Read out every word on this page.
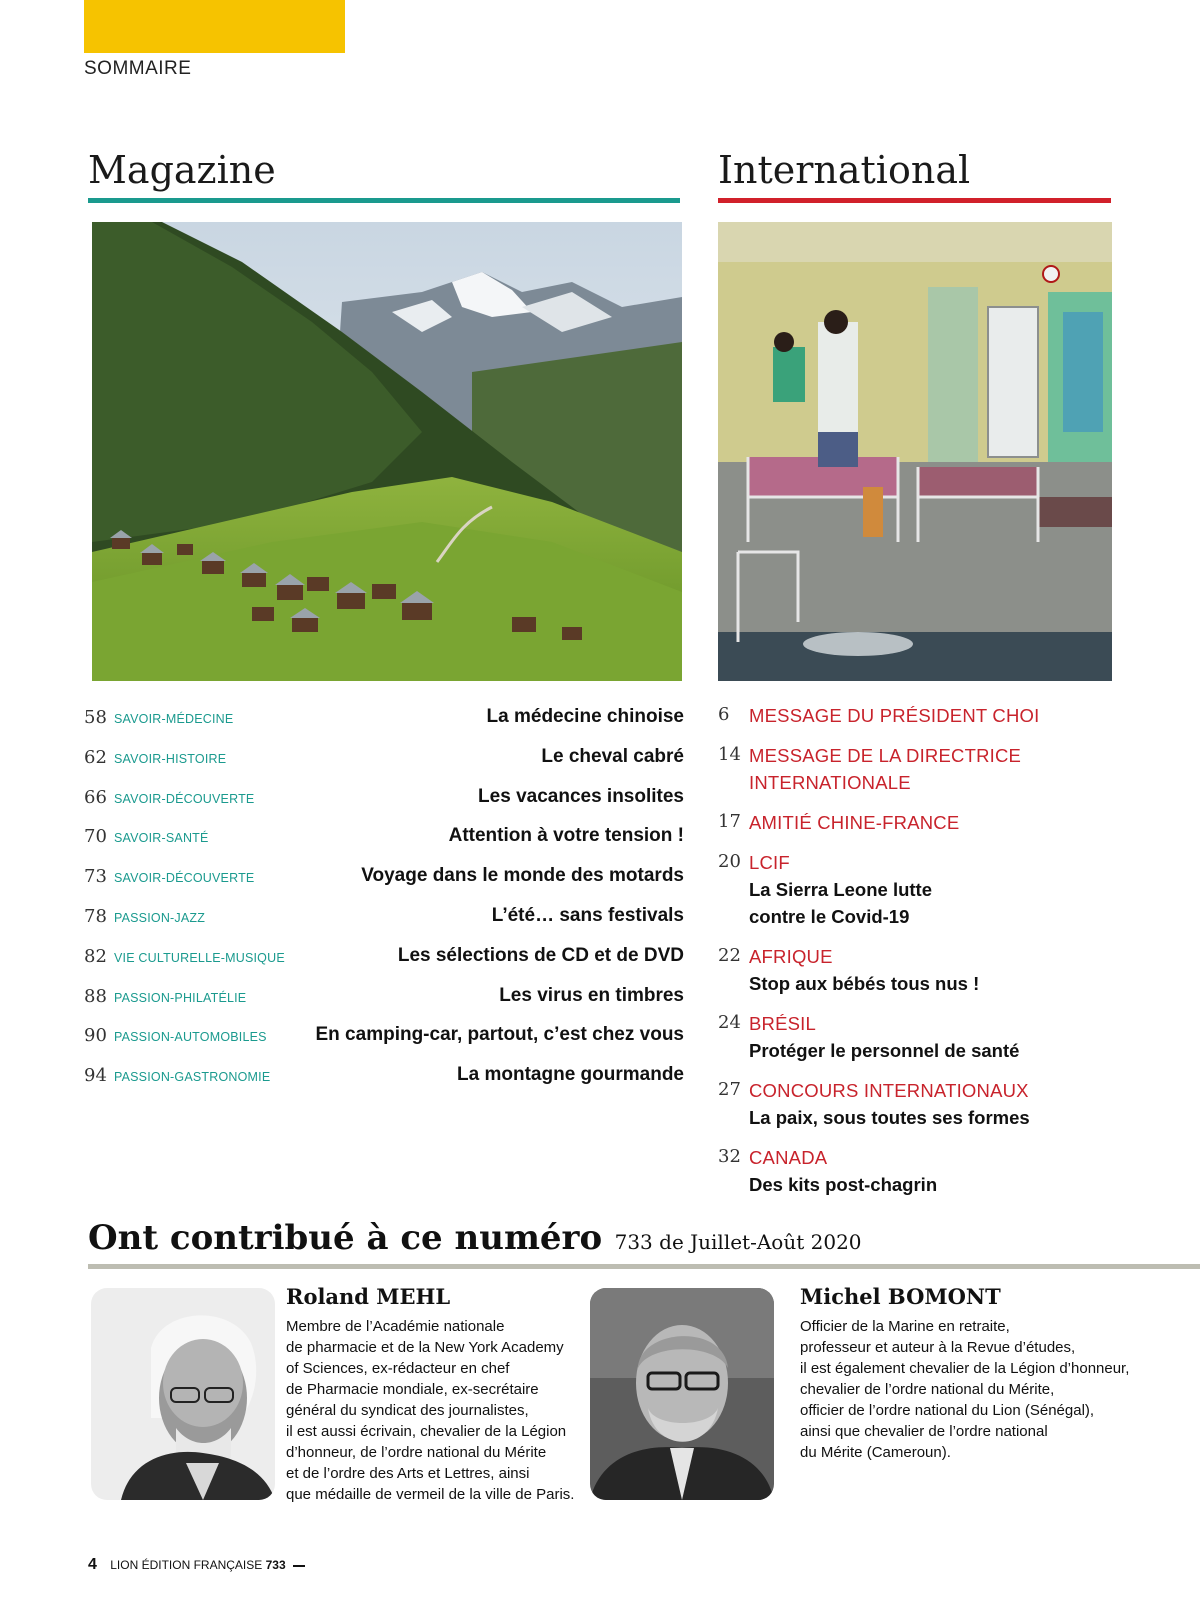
SOMMAIRE
Magazine	International
58 SAVOIR-MÉDECINE	La médecine chinoise
62 SAVOIR-HISTOIRE	Le cheval cabré
66 SAVOIR-DÉCOUVERTE	Les vacances insolites
70 SAVOIR-SANTÉ	Attention à votre tension !
73 SAVOIR-DÉCOUVERTE	Voyage dans le monde des motards
78 PASSION-JAZZ	L’été… sans festivals
82 VIE CULTURELLE-MUSIQUE	Les sélections de CD et de DVD
88 PASSION-PHILATÉLIE	Les virus en timbres
90 PASSION-AUTOMOBILES	En camping-car, partout, c’est chez vous
94 PASSION-GASTRONOMIE	La montagne gourmande
6 MESSAGE DU PRÉSIDENT CHOI
14 MESSAGE DE LA DIRECTRICE
INTERNATIONALE
17 AMITIÉ CHINE-FRANCE
20 LCIF
La Sierra Leone lutte
contre le Covid-19
22 AFRIQUE
Stop aux bébés tous nus !
24 BRÉSIL
Protéger le personnel de santé
27 CONCOURS INTERNATIONAUX
La paix, sous toutes ses formes
32 CANADA
Des kits post-chagrin
Ont contribué à ce numéro 733 de Juillet-Août 2020
Roland MEHL
Membre de l’Académie nationale
de pharmacie et de la New York Academy
of Sciences, ex-rédacteur en chef
de Pharmacie mondiale, ex-secrétaire
général du syndicat des journalistes,
il est aussi écrivain, chevalier de la Légion
d’honneur, de l’ordre national du Mérite
et de l’ordre des Arts et Lettres, ainsi
que médaille de vermeil de la ville de Paris.
Michel BOMONT
Officier de la Marine en retraite,
professeur et auteur à la Revue d’études,
il est également chevalier de la Légion d’honneur,
chevalier de l’ordre national du Mérite,
officier de l’ordre national du Lion (Sénégal),
ainsi que chevalier de l’ordre national
du Mérite (Cameroun).
4 LION ÉDITION FRANÇAISE 733
